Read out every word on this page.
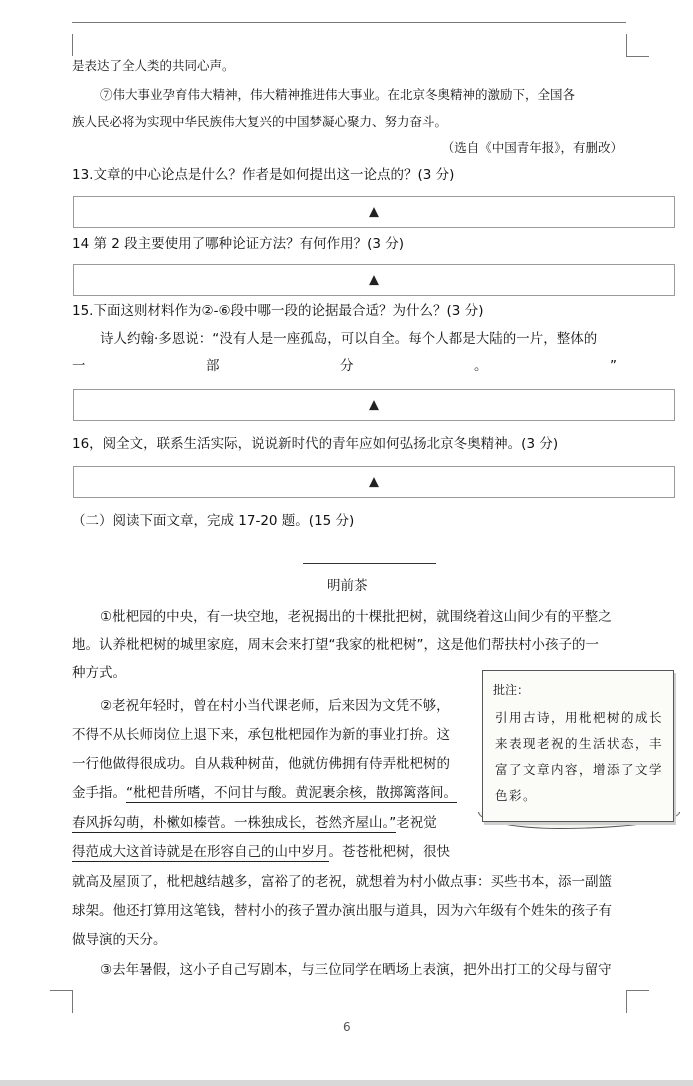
是表达了全人类的共同心声。
⑦伟大事业孕育伟大精神，伟大精神推进伟大事业。在北京冬奥精神的激励下，全国各
族人民必将为实现中华民族伟大复兴的中国梦凝心聚力、努力奋斗。
（选自《中国青年报》，有删改）
13.文章的中心论点是什么？作者是如何提出这一论点的？(3 分)
▲
14 第 2 段主要使用了哪种论证方法？有何作用？(3 分)
▲
15.下面这则材料作为②-⑥段中哪一段的论据最合适？为什么？(3 分)
诗人约翰·多恩说：“没有人是一座孤岛，可以自全。每个人都是大陆的一片，整体的
一	部	分	。	”
▲
16，阅全文，联系生活实际，说说新时代的青年应如何弘扬北京冬奥精神。(3 分)
▲
（二）阅读下面文章，完成 17-20 题。(15 分)
明前茶
①枇杷园的中央，有一块空地，老祝揭出的十棵批把树，就围绕着这山间少有的平整之
地。认养枇杷树的城里家庭，周末会来打望“我家的枇杷树”，这是他们帮扶村小孩子的一
种方式。
②老祝年轻时，曾在村小当代课老师，后来因为文凭不够，
不得不从长师岗位上退下来，承包枇杷园作为新的事业打拚。这
一行他做得很成功。自从栽种树苗，他就仿佛拥有侍弄枇杷树的
金手指。“枇杷昔所嗜，不问甘与酸。黄泥裹余核，散掷篱落间。
春风拆勾萌，朴樕如榛菅。一株独成长，苍然齐屋山。”老祝觉
得范成大这首诗就是在形容自己的山中岁月。苍苍枇杷树，很快
就高及屋顶了，枇杷越结越多，富裕了的老祝，就想着为村小做点事：买些书本，添一副篮
球架。他还打算用这笔钱，替村小的孩子置办演出服与道具，因为六年级有个姓朱的孩子有
做导演的天分。
③去年暑假，这小子自己写剧本，与三位同学在晒场上表演，把外出打工的父母与留守
批注：
引用古诗，用枇杷树的成长来表现老祝的生活状态，丰富了文章内容，增添了文学色彩。
6
